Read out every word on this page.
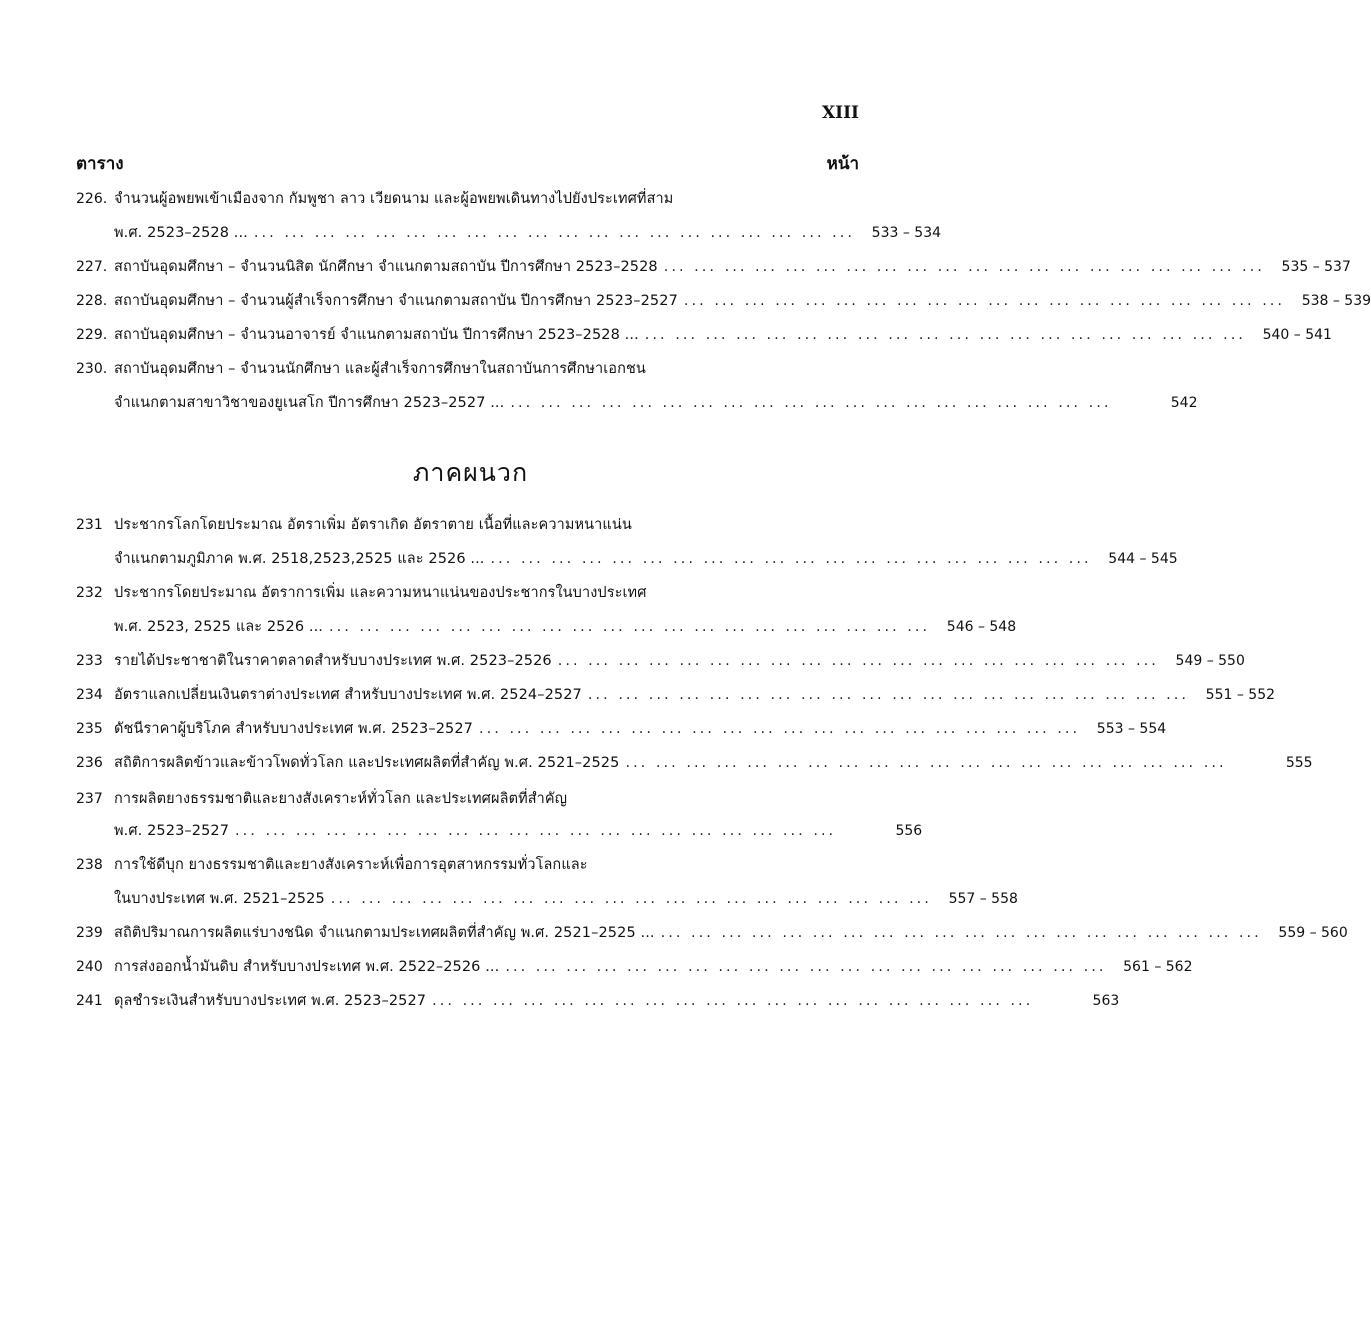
XIII
ตาราง	หน้า
226. จำนวนผู้อพยพเข้าเมืองจาก กัมพูชา ลาว เวียดนาม และผู้อพยพเดินทางไปยังประเทศที่สาม
พ.ศ. 2523–2528 ... ... ... ... ... ... ... ... ... ... ... ... ... ... ... ... ... ... ... ... ...	533 – 534
227. สถาบันอุดมศึกษา – จำนวนนิสิต นักศึกษา จำแนกตามสถาบัน ปีการศึกษา 2523–2528 ... ... ... ... ... ... ... ... ... ... ... ... ... ... ... ... ... ... ... ...	535 – 537
228. สถาบันอุดมศึกษา – จำนวนผู้สำเร็จการศึกษา จำแนกตามสถาบัน ปีการศึกษา 2523–2527 ... ... ... ... ... ... ... ... ... ... ... ... ... ... ... ... ... ... ... ...	538 – 539
229. สถาบันอุดมศึกษา – จำนวนอาจารย์ จำแนกตามสถาบัน ปีการศึกษา 2523–2528 ... ... ... ... ... ... ... ... ... ... ... ... ... ... ... ... ... ... ... ... ...	540 – 541
230. สถาบันอุดมศึกษา – จำนวนนักศึกษา และผู้สำเร็จการศึกษาในสถาบันการศึกษาเอกชน
จำแนกตามสาขาวิชาของยูเนสโก ปีการศึกษา 2523–2527 ... ... ... ... ... ... ... ... ... ... ... ... ... ... ... ... ... ... ... ... ...	542
ภาคผนวก
231 ประชากรโลกโดยประมาณ อัตราเพิ่ม อัตราเกิด อัตราตาย เนื้อที่และความหนาแน่น
จำแนกตามภูมิภาค พ.ศ. 2518,2523,2525 และ 2526 ... ... ... ... ... ... ... ... ... ... ... ... ... ... ... ... ... ... ... ... ...	544 – 545
232 ประชากรโดยประมาณ อัตราการเพิ่ม และความหนาแน่นของประชากรในบางประเทศ
พ.ศ. 2523, 2525 และ 2526 ... ... ... ... ... ... ... ... ... ... ... ... ... ... ... ... ... ... ... ... ...	546 – 548
233 รายได้ประชาชาติในราคาตลาดสำหรับบางประเทศ พ.ศ. 2523–2526 ... ... ... ... ... ... ... ... ... ... ... ... ... ... ... ... ... ... ... ...	549 – 550
234 อัตราแลกเปลี่ยนเงินตราต่างประเทศ สำหรับบางประเทศ พ.ศ. 2524–2527 ... ... ... ... ... ... ... ... ... ... ... ... ... ... ... ... ... ... ... ...	551 – 552
235 ดัชนีราคาผู้บริโภค สำหรับบางประเทศ พ.ศ. 2523–2527 ... ... ... ... ... ... ... ... ... ... ... ... ... ... ... ... ... ... ... ...	553 – 554
236 สถิติการผลิตข้าวและข้าวโพดทั่วโลก และประเทศผลิตที่สำคัญ พ.ศ. 2521–2525 ... ... ... ... ... ... ... ... ... ... ... ... ... ... ... ... ... ... ... ...	555
237 การผลิตยางธรรมชาติและยางสังเคราะห์ทั่วโลก และประเทศผลิตที่สำคัญ
พ.ศ. 2523–2527 ... ... ... ... ... ... ... ... ... ... ... ... ... ... ... ... ... ... ... ...	556
238 การใช้ดีบุก ยางธรรมชาติและยางสังเคราะห์เพื่อการอุตสาหกรรมทั่วโลกและ
ในบางประเทศ พ.ศ. 2521–2525 ... ... ... ... ... ... ... ... ... ... ... ... ... ... ... ... ... ... ... ...	557 – 558
239 สถิติปริมาณการผลิตแร่บางชนิด จำแนกตามประเทศผลิตที่สำคัญ พ.ศ. 2521–2525 ... ... ... ... ... ... ... ... ... ... ... ... ... ... ... ... ... ... ... ... ...	559 – 560
240 การส่งออกน้ำมันดิบ สำหรับบางประเทศ พ.ศ. 2522–2526 ... ... ... ... ... ... ... ... ... ... ... ... ... ... ... ... ... ... ... ... ...	561 – 562
241 ดุลชำระเงินสำหรับบางประเทศ พ.ศ. 2523–2527 ... ... ... ... ... ... ... ... ... ... ... ... ... ... ... ... ... ... ... ...	563
